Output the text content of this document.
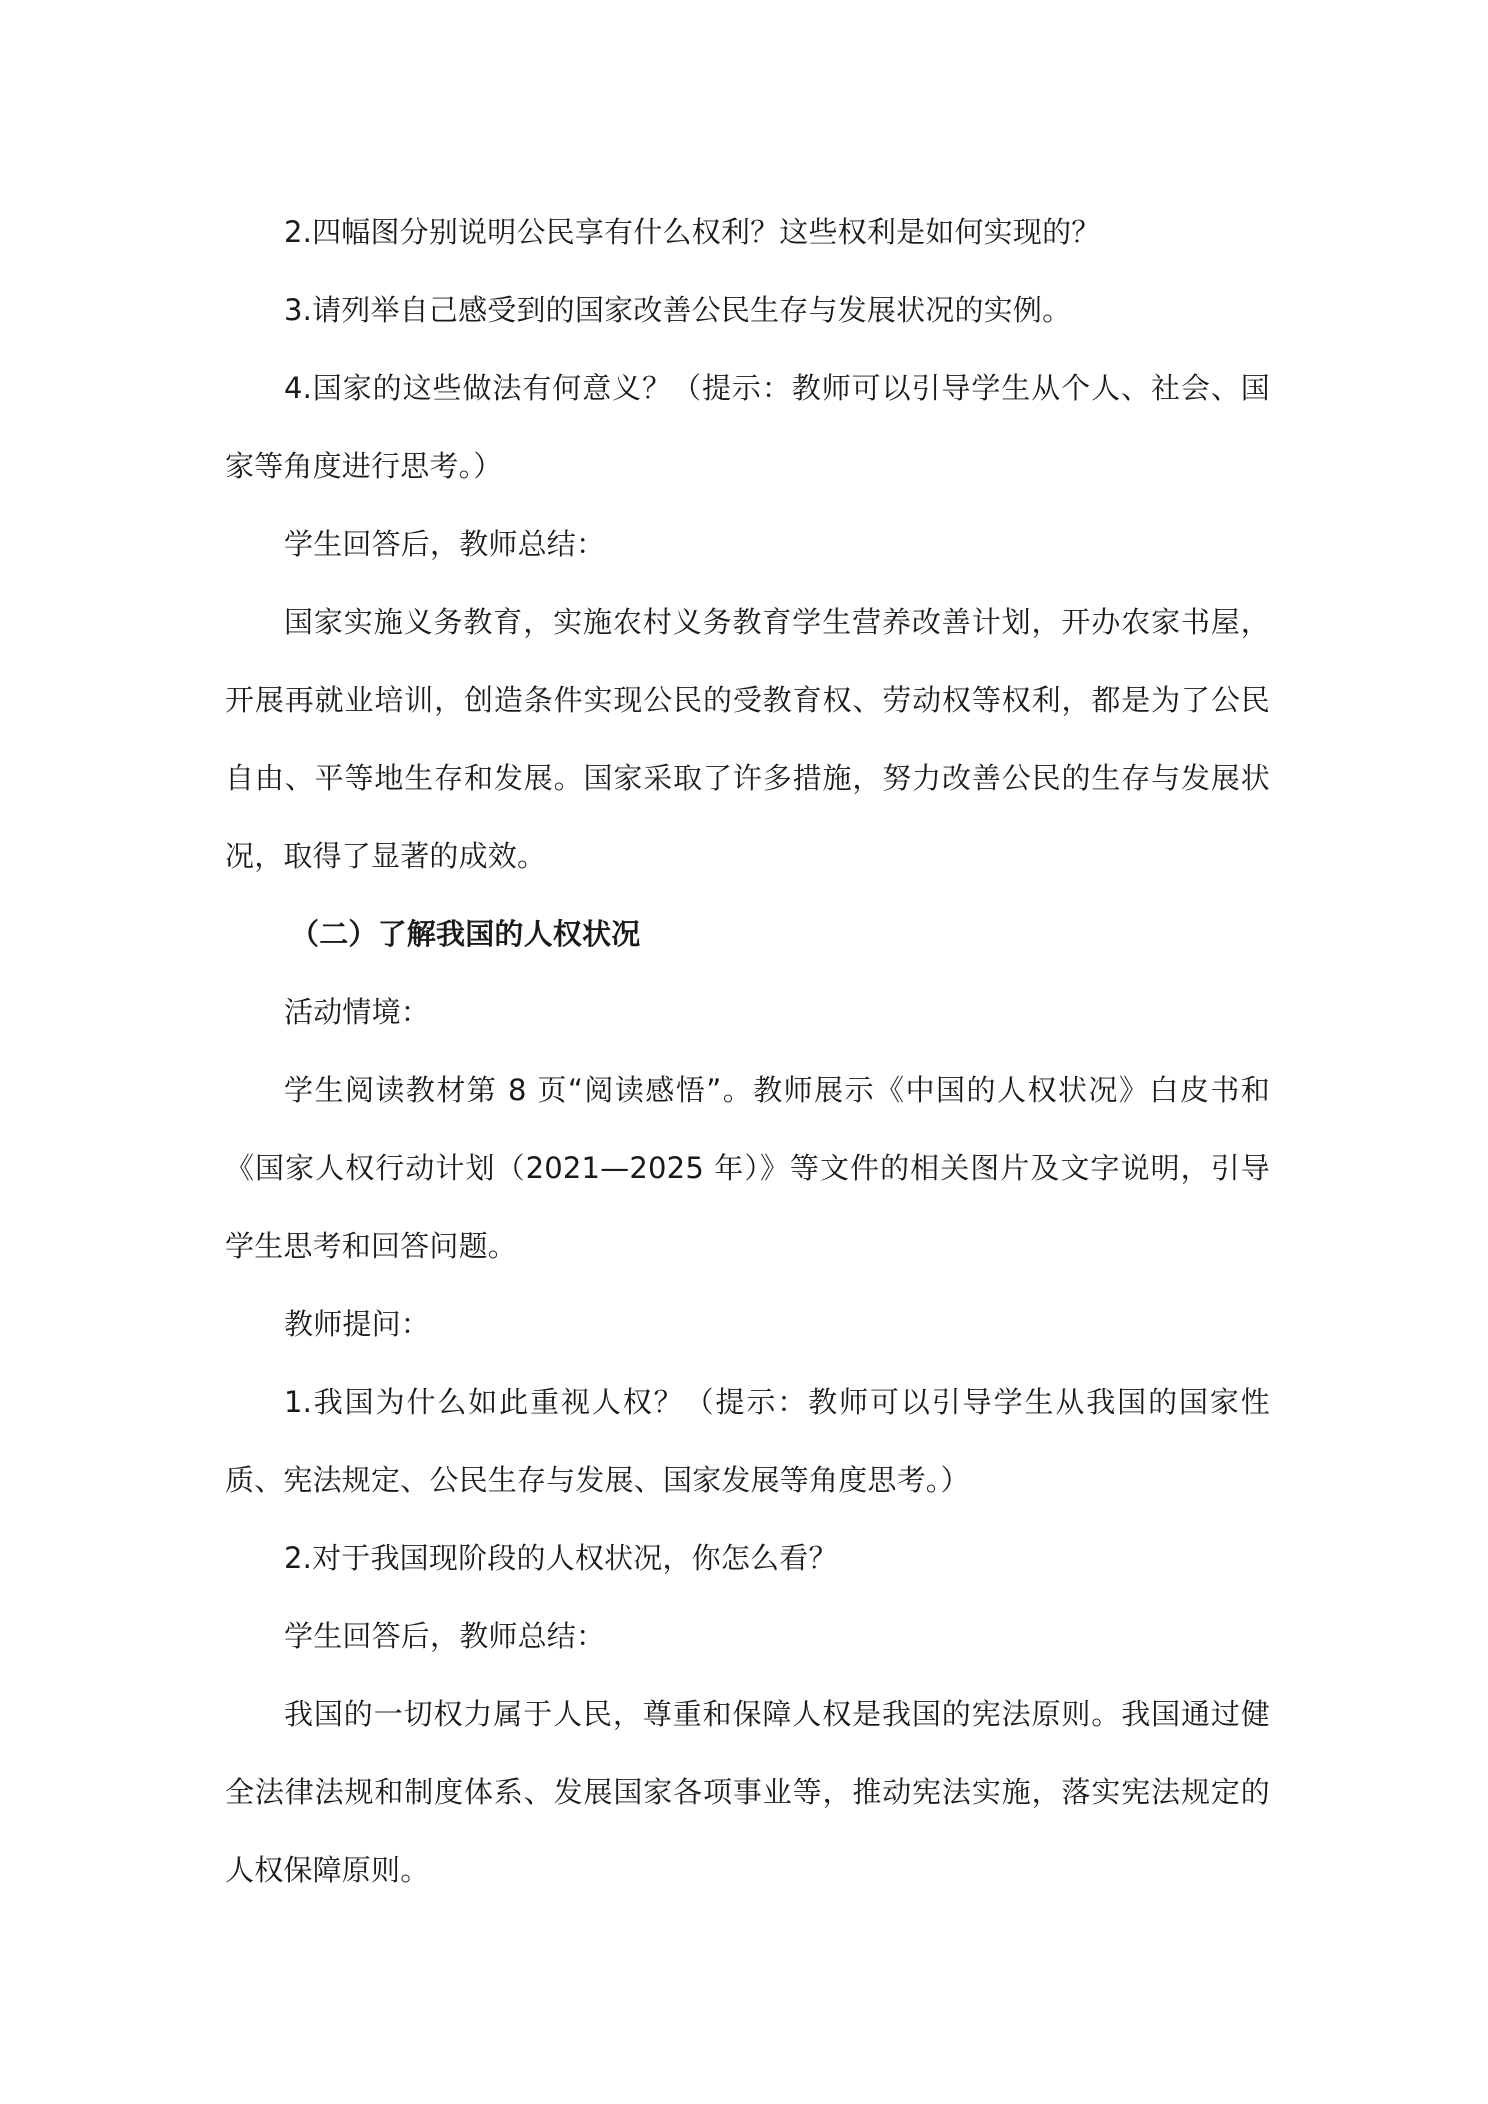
2.四幅图分别说明公民享有什么权利？这些权利是如何实现的？

3.请列举自己感受到的国家改善公民生存与发展状况的实例。

4.国家的这些做法有何意义？（提示：教师可以引导学生从个人、社会、国家等角度进行思考。）

学生回答后，教师总结：

国家实施义务教育，实施农村义务教育学生营养改善计划，开办农家书屋，开展再就业培训，创造条件实现公民的受教育权、劳动权等权利，都是为了公民自由、平等地生存和发展。国家采取了许多措施，努力改善公民的生存与发展状况，取得了显著的成效。

（二）了解我国的人权状况

活动情境：

学生阅读教材第 8 页“阅读感悟”。教师展示《中国的人权状况》白皮书和《国家人权行动计划（2021—2025 年）》等文件的相关图片及文字说明，引导学生思考和回答问题。

教师提问：

1.我国为什么如此重视人权？（提示：教师可以引导学生从我国的国家性质、宪法规定、公民生存与发展、国家发展等角度思考。）

2.对于我国现阶段的人权状况，你怎么看？

学生回答后，教师总结：

我国的一切权力属于人民，尊重和保障人权是我国的宪法原则。我国通过健全法律法规和制度体系、发展国家各项事业等，推动宪法实施，落实宪法规定的人权保障原则。
